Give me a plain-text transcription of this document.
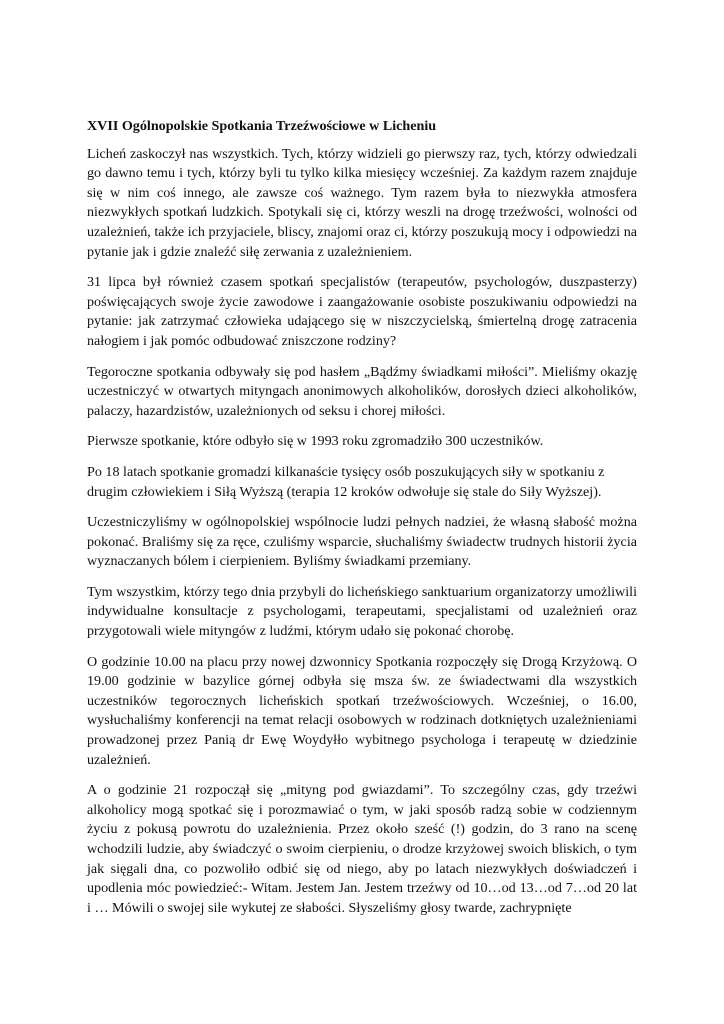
XVII Ogólnopolskie Spotkania Trzeźwościowe w Licheniu

Licheń zaskoczył nas wszystkich. Tych, którzy widzieli go pierwszy raz, tych, którzy odwiedzali go dawno temu i tych, którzy byli tu tylko kilka miesięcy wcześniej. Za każdym razem znajduje się w nim coś innego, ale zawsze coś ważnego. Tym razem była to niezwykła atmosfera niezwykłych spotkań ludzkich. Spotykali się ci, którzy weszli na drogę trzeźwości, wolności od uzależnień, także ich przyjaciele, bliscy, znajomi oraz ci, którzy poszukują mocy i odpowiedzi na pytanie jak i gdzie znaleźć siłę zerwania z uzależnieniem.

31 lipca był również czasem spotkań specjalistów (terapeutów, psychologów, duszpasterzy) poświęcających swoje życie zawodowe i zaangażowanie osobiste poszukiwaniu odpowiedzi na pytanie: jak zatrzymać człowieka udającego się w niszczycielską, śmiertelną drogę zatracenia nałogiem i jak pomóc odbudować zniszczone rodziny?

Tegoroczne spotkania odbywały się pod hasłem „Bądźmy świadkami miłości”. Mieliśmy okazję uczestniczyć w otwartych mityngach anonimowych alkoholików, dorosłych dzieci alkoholików, palaczy, hazardzistów, uzależnionych od seksu i chorej miłości.

Pierwsze spotkanie, które odbyło się w 1993 roku zgromadziło 300 uczestników.

Po 18 latach spotkanie gromadzi kilkanaście tysięcy osób poszukujących siły w spotkaniu z drugim człowiekiem i Siłą Wyższą (terapia 12 kroków odwołuje się stale do Siły Wyższej).

Uczestniczyliśmy w ogólnopolskiej wspólnocie ludzi pełnych nadziei, że własną słabość można pokonać. Braliśmy się za ręce, czuliśmy wsparcie, słuchaliśmy świadectw trudnych historii życia wyznaczanych bólem i cierpieniem. Byliśmy świadkami przemiany.

Tym wszystkim, którzy tego dnia przybyli do licheńskiego sanktuarium organizatorzy umożliwili indywidualne konsultacje z psychologami, terapeutami, specjalistami od uzależnień oraz przygotowali wiele mityngów z ludźmi, którym udało się pokonać chorobę.

O godzinie 10.00 na placu przy nowej dzwonnicy Spotkania rozpoczęły się Drogą Krzyżową. O 19.00 godzinie w bazylice górnej odbyła się msza św. ze świadectwami dla wszystkich uczestników tegorocznych licheńskich spotkań trzeźwościowych. Wcześniej, o 16.00, wysłuchaliśmy konferencji na temat relacji osobowych w rodzinach dotkniętych uzależnieniami prowadzonej przez Panią dr Ewę Woydyłło wybitnego psychologa i terapeutę w dziedzinie uzależnień.

A o godzinie 21 rozpoczął się „mityng pod gwiazdami”. To szczególny czas, gdy trzeźwi alkoholicy mogą spotkać się i porozmawiać o tym, w jaki sposób radzą sobie w codziennym życiu z pokusą powrotu do uzależnienia. Przez około sześć (!) godzin, do 3 rano na scenę wchodzili ludzie, aby świadczyć o swoim cierpieniu, o drodze krzyżowej swoich bliskich, o tym jak sięgali dna, co pozwoliło odbić się od niego, aby po latach niezwykłych doświadczeń i upodlenia móc powiedzieć:- Witam. Jestem Jan. Jestem trzeźwy od 10…od 13…od 7…od 20 lat i … Mówili o swojej sile wykutej ze słabości. Słyszeliśmy głosy twarde, zachrypnięte
